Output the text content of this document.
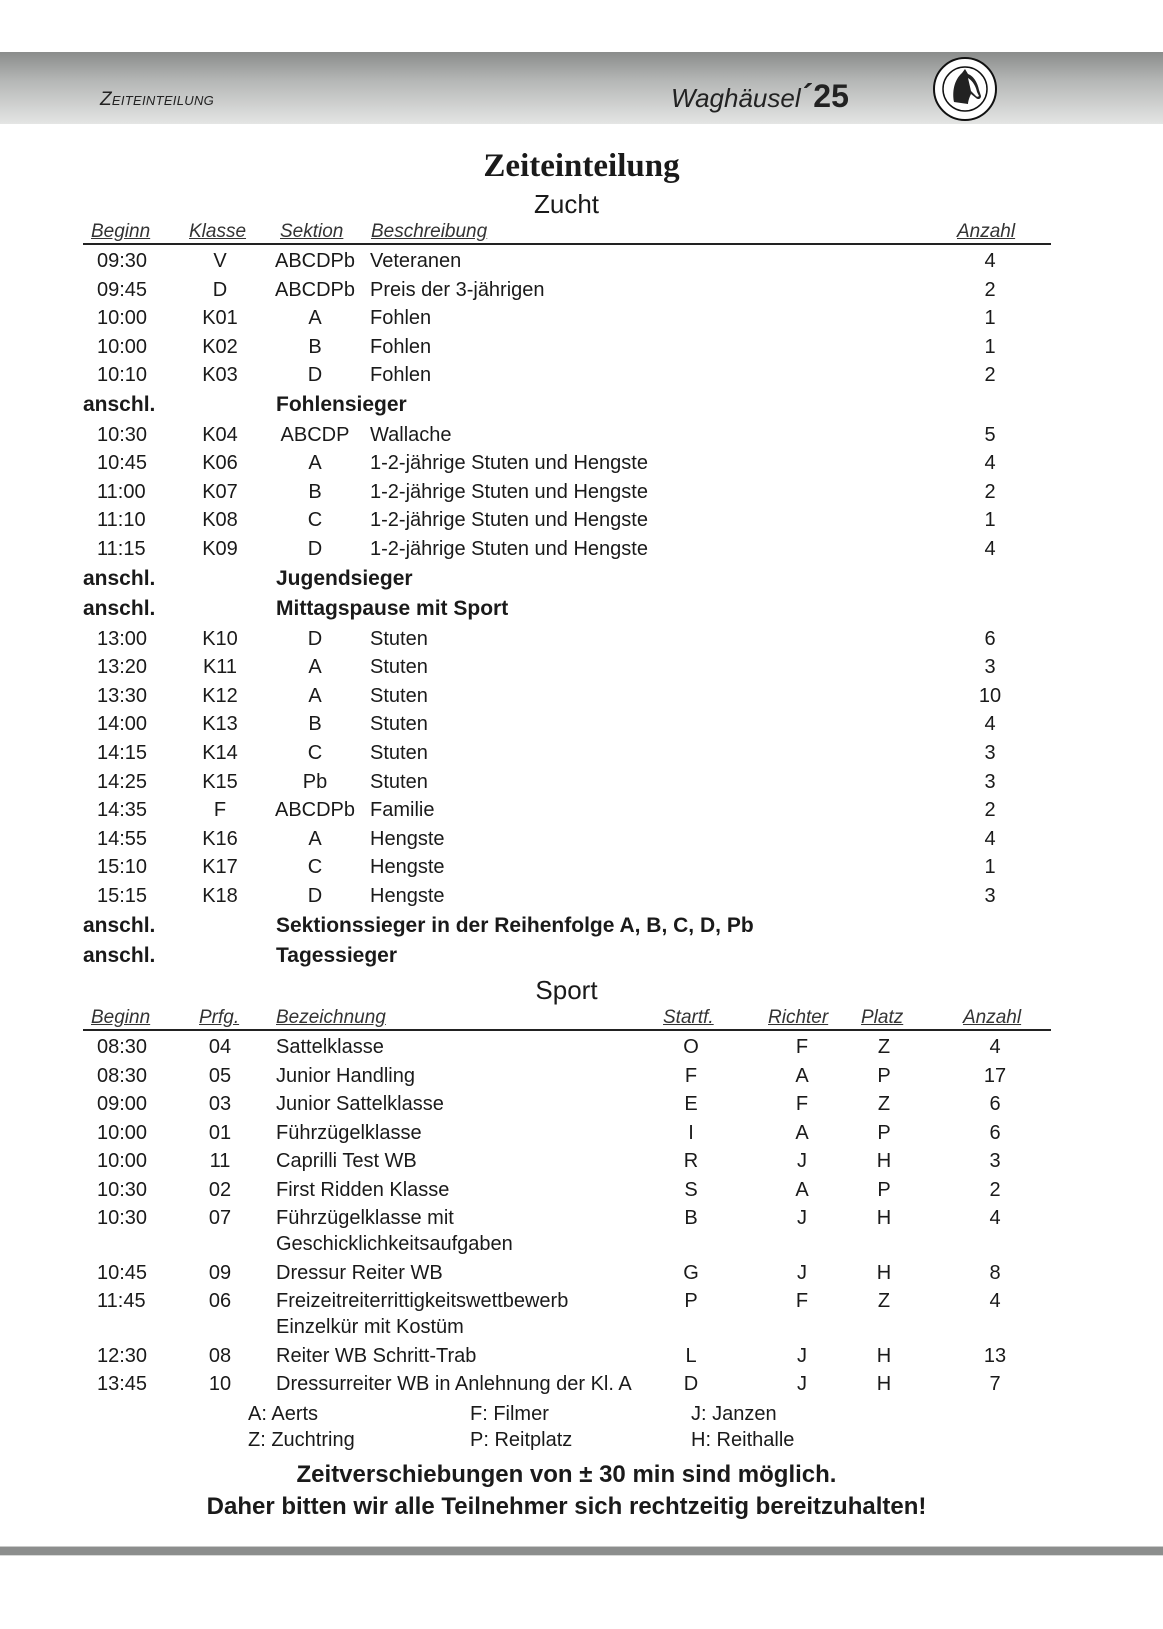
Zeiteinteilung	Waghäusel´25
Zeiteinteilung
Zucht
Beginn Klasse Sektion Beschreibung	Anzahl
09:30	V ABCDPb Veteranen	4
09:45	D ABCDPb Preis der 3-jährigen	2
10:00	K01	A Fohlen	1
10:00	K02	B Fohlen	1
10:10	K03	D Fohlen	2
anschl.	Fohlensieger
10:30	K04 ABCDP Wallache	5
10:45	K06	A 1-2-jährige Stuten und Hengste	4
11:00	K07	B 1-2-jährige Stuten und Hengste	2
11:10	K08	C 1-2-jährige Stuten und Hengste	1
11:15	K09	D 1-2-jährige Stuten und Hengste	4
anschl.	Jugendsieger
anschl.	Mittagspause mit Sport
13:00	K10	D Stuten	6
13:20	K11	A Stuten	3
13:30	K12	A Stuten	10
14:00	K13	B Stuten	4
14:15	K14	C Stuten	3
14:25	K15	Pb Stuten	3
14:35	F ABCDPb Familie	2
14:55	K16	A Hengste	4
15:10	K17	C Hengste	1
15:15	K18	D Hengste	3
anschl.	Sektionssieger in der Reihenfolge A, B, C, D, Pb
anschl.	Tagessieger
Sport
Beginn	Prfg. Bezeichnung	Startf.	Richter Platz	Anzahl
08:30	04 Sattelklasse	O	F	Z	4
08:30	05 Junior Handling	F	A	P	17
09:00	03 Junior Sattelklasse	E	F	Z	6
10:00	01 Führzügelklasse	I	A	P	6
10:00	11 Caprilli Test WB	R	J	H	3
10:30	02 First Ridden Klasse	S	A	P	2
10:30	07 Führzügelklasse mit	B	J	H	4
Geschicklichkeitsaufgaben
10:45	09 Dressur Reiter WB	G	J	H	8
11:45	06 Freizeitreiterrittigkeitswettbewerb	P	F	Z	4
Einzelkür mit Kostüm
12:30	08 Reiter WB Schritt-Trab	L	J	H	13
13:45	10 Dressurreiter WB in Anlehnung der Kl. A	D	J	H	7
A: Aerts	F: Filmer	J: Janzen
Z: Zuchtring	P: Reitplatz	H: Reithalle
Zeitverschiebungen von ± 30 min sind möglich.
Daher bitten wir alle Teilnehmer sich rechtzeitig bereitzuhalten!
